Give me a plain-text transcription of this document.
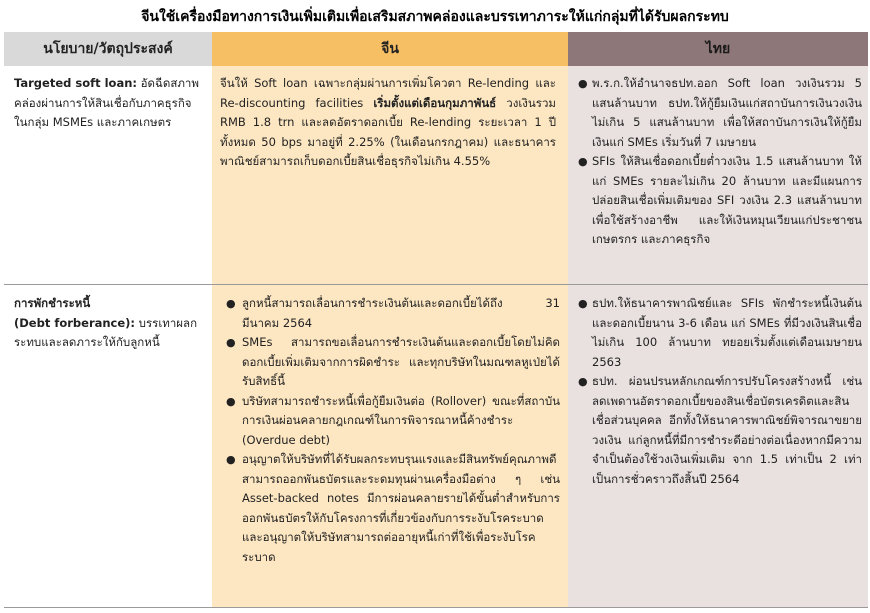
จีนใช้เครื่องมือทางการเงินเพิ่มเติมเพื่อเสริมสภาพคล่องและบรรเทาภาระให้แก่กลุ่มที่ได้รับผลกระทบ
นโยบาย/วัตถุประสงค์	จีน	ไทย
Targeted soft loan: อัดฉีดสภาพคล่องผ่านการให้สินเชื่อกับภาคธุรกิจ ในกลุ่ม MSMEs และภาคเกษตร
จีนให้ Soft loan เฉพาะกลุ่มผ่านการเพิ่มโควตา Re-lending และ Re-discounting facilities เริ่มตั้งแต่เดือนกุมภาพันธ์ วงเงินรวม RMB 1.8 trn และลดอัตราดอกเบี้ย Re-lending ระยะเวลา 1 ปี ทั้งหมด 50 bps มาอยู่ที่ 2.25% (ในเดือนกรกฎาคม) และธนาคารพาณิชย์สามารถเก็บดอกเบี้ยสินเชื่อธุรกิจไม่เกิน 4.55%
● พ.ร.ก.ให้อำนาจธปท.ออก Soft loan วงเงินรวม 5 แสนล้านบาท ธปท.ให้กู้ยืมเงินแก่สถาบันการเงินวงเงินไม่เกิน 5 แสนล้านบาท เพื่อให้สถาบันการเงินให้กู้ยืมเงินแก่ SMEs เริ่มวันที่ 7 เมษายน
● SFIs ให้สินเชื่อดอกเบี้ยต่ำวงเงิน 1.5 แสนล้านบาท ให้แก่ SMEs รายละไม่เกิน 20 ล้านบาท และมีแผนการปล่อยสินเชื่อเพิ่มเติมของ SFI วงเงิน 2.3 แสนล้านบาท เพื่อใช้สร้างอาชีพ และให้เงินหมุนเวียนแก่ประชาชน เกษตรกร และภาคธุรกิจ
การพักชำระหนี้
(Debt forberance): บรรเทาผลกระทบและลดภาระให้กับลูกหนี้
● ลูกหนี้สามารถเลื่อนการชำระเงินต้นและดอกเบี้ยได้ถึง 31 มีนาคม 2564
● SMEs สามารถขอเลื่อนการชำระเงินต้นและดอกเบี้ยโดยไม่คิดดอกเบี้ยเพิ่มเติมจากการผิดชำระ และทุกบริษัทในมณฑลหูเป่ยได้รับสิทธิ์นี้
● บริษัทสามารถชำระหนี้เพื่อกู้ยืมเงินต่อ (Rollover) ขณะที่สถาบันการเงินผ่อนคลายกฎเกณฑ์ในการพิจารณาหนี้ค้างชำระ (Overdue debt)
● อนุญาตให้บริษัทที่ได้รับผลกระทบรุนแรงและมีสินทรัพย์คุณภาพดีสามารถออกพันธบัตรและระดมทุนผ่านเครื่องมือต่าง ๆ เช่น Asset-backed notes มีการผ่อนคลายรายได้ขั้นต่ำสำหรับการออกพันธบัตรให้กับโครงการที่เกี่ยวข้องกับการระงับโรคระบาด และอนุญาตให้บริษัทสามารถต่ออายุหนี้เก่าที่ใช้เพื่อระงับโรคระบาด
● ธปท.ให้ธนาคารพาณิชย์และ SFIs พักชำระหนี้เงินต้นและดอกเบี้ยนาน 3-6 เดือน แก่ SMEs ที่มีวงเงินสินเชื่อไม่เกิน 100 ล้านบาท ทยอยเริ่มตั้งแต่เดือนเมษายน 2563
● ธปท. ผ่อนปรนหลักเกณฑ์การปรับโครงสร้างหนี้ เช่น ลดเพดานอัตราดอกเบี้ยของสินเชื่อบัตรเครดิตและสินเชื่อส่วนบุคคล อีกทั้งให้ธนาคารพาณิชย์พิจารณาขยายวงเงิน แก่ลูกหนี้ที่มีการชำระดีอย่างต่อเนื่องหากมีความจำเป็นต้องใช้วงเงินเพิ่มเติม จาก 1.5 เท่าเป็น 2 เท่าเป็นการชั่วคราวถึงสิ้นปี 2564
